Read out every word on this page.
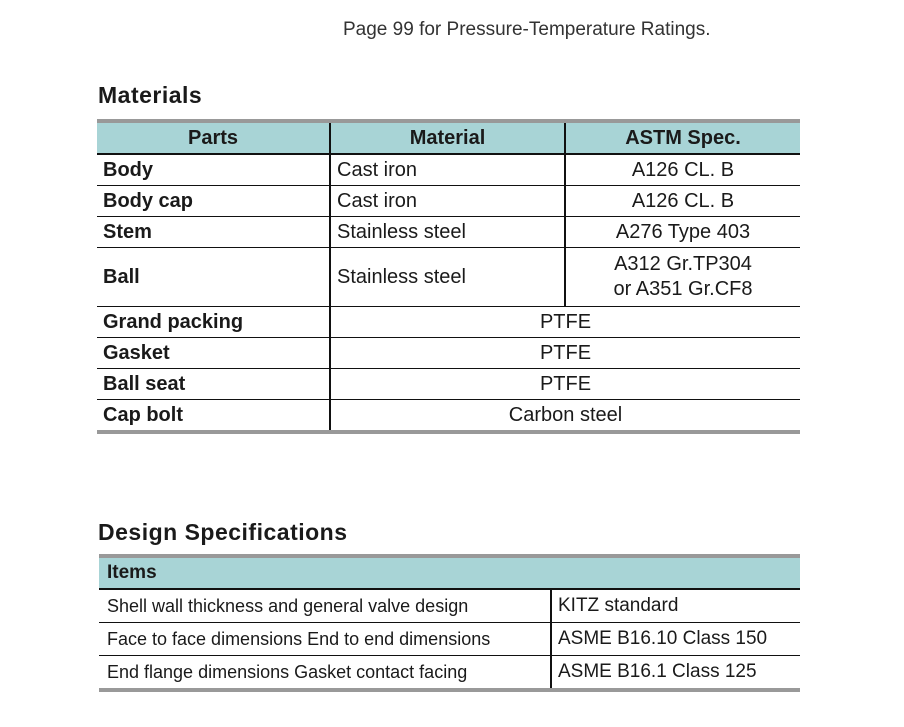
Page 99 for Pressure-Temperature Ratings.
Materials
Parts	Material	ASTM Spec.
Body	Cast iron	A126 CL. B
Body cap	Cast iron	A126 CL. B
Stem	Stainless steel	A276 Type 403
Ball	Stainless steel	A312 Gr.TP304
or A351 Gr.CF8

Grand packing	PTFE	
Gasket	PTFE	
Ball seat	PTFE	
Cap bolt	Carbon steel	
Design Specifications
Items	
Shell wall thickness and general valve design	KITZ standard
Face to face dimensions End to end dimensions	ASME B16.10 Class 150
End flange dimensions Gasket contact facing	ASME B16.1 Class 125
